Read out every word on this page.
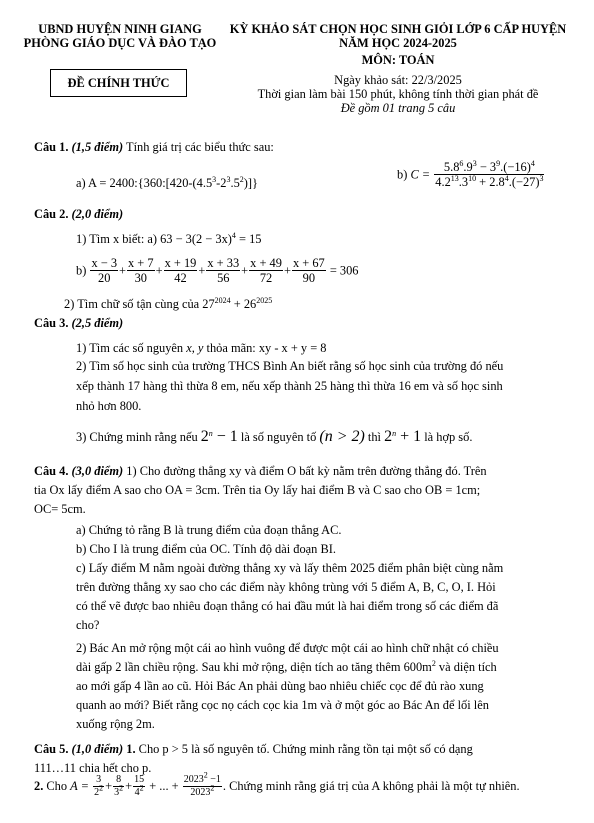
UBND HUYỆN NINH GIANG
PHÒNG GIÁO DỤC VÀ ĐÀO TẠO
ĐỀ CHÍNH THỨC
KỲ KHẢO SÁT CHỌN HỌC SINH GIỎI LỚP 6 CẤP HUYỆN
NĂM HỌC 2024-2025
MÔN: TOÁN
Ngày khảo sát: 22/3/2025
Thời gian làm bài 150 phút, không tính thời gian phát đề
Đề gồm 01 trang 5 câu
Câu 1. (1,5 điểm) Tính giá trị các biểu thức sau:
a) $A = 2400:\{360:[420-(4.5^3-2^3.5^2)]\}$
b) $C = \frac{5.8^6.9^3 - 3^9.(-16)^4}{4.2^{13}.3^{10} + 2.8^4.(-27)^3}$
Câu 2. (2,0 điểm)
1) Tìm x biết: a) $63 - 3(2 - 3x)^4 = 15$
$b) \frac{x - 3}{20} + \frac{x + 7}{30} + \frac{x + 19}{42} + \frac{x + 33}{56} + \frac{x + 49}{72} + \frac{x + 67}{90} = 306$
2) Tìm chữ số tận cùng của $27^{2024} + 26^{2025}$
Câu 3. (2,5 điểm)
1) Tìm các số nguyên x, y thỏa mãn: xy - x + y = 8
2) Tìm số học sinh của trường THCS Bình An biết rằng số học sinh của trường đó nếu
xếp thành 17 hàng thì thừa 8 em, nếu xếp thành 25 hàng thì thừa 16 em và số học sinh
nhỏ hơn 800.
3) Chứng minh rằng nếu $2^n - 1$ là số nguyên tố (n > 2) thì $2^n + 1$ là hợp số.
Câu 4. (3,0 điểm) 1) Cho đường thẳng xy và điểm O bất kỳ nằm trên đường thẳng đó. Trên
tia Ox lấy điểm A sao cho OA = 3cm. Trên tia Oy lấy hai điểm B và C sao cho OB = 1cm;
OC= 5cm.
a) Chứng tỏ rằng B là trung điểm của đoạn thẳng AC.
b) Cho I là trung điểm của OC. Tính độ dài đoạn BI.
c) Lấy điểm M nằm ngoài đường thẳng xy và lấy thêm 2025 điểm phân biệt cùng nằm
trên đường thẳng xy sao cho các điểm này không trùng với 5 điểm A, B, C, O, I. Hỏi
có thể vẽ được bao nhiêu đoạn thẳng có hai đầu mút là hai điểm trong số các điểm đã
cho?
2) Bác An mở rộng một cái ao hình vuông để được một cái ao hình chữ nhật có chiều
dài gấp 2 lần chiều rộng. Sau khi mở rộng, diện tích ao tăng thêm $600m^2$ và diện tích
ao mới gấp 4 lần ao cũ. Hỏi Bác An phải dùng bao nhiêu chiếc cọc để đủ rào xung
quanh ao mới? Biết rằng cọc nọ cách cọc kia 1m và ở một góc ao Bác An để lối lên
xuống rộng 2m.
Câu 5. (1,0 điểm) 1. Cho p > 5 là số nguyên tố. Chứng minh rằng tồn tại một số có dạng
111…11 chia hết cho p.
2. Cho $A = \frac{3}{2^2} + \frac{8}{3^2} + \frac{15}{4^2}$ + ... + $\frac{2023^2 -1}{2023^2}$ . Chứng minh rằng giá trị của A không phải là một tự nhiên.
